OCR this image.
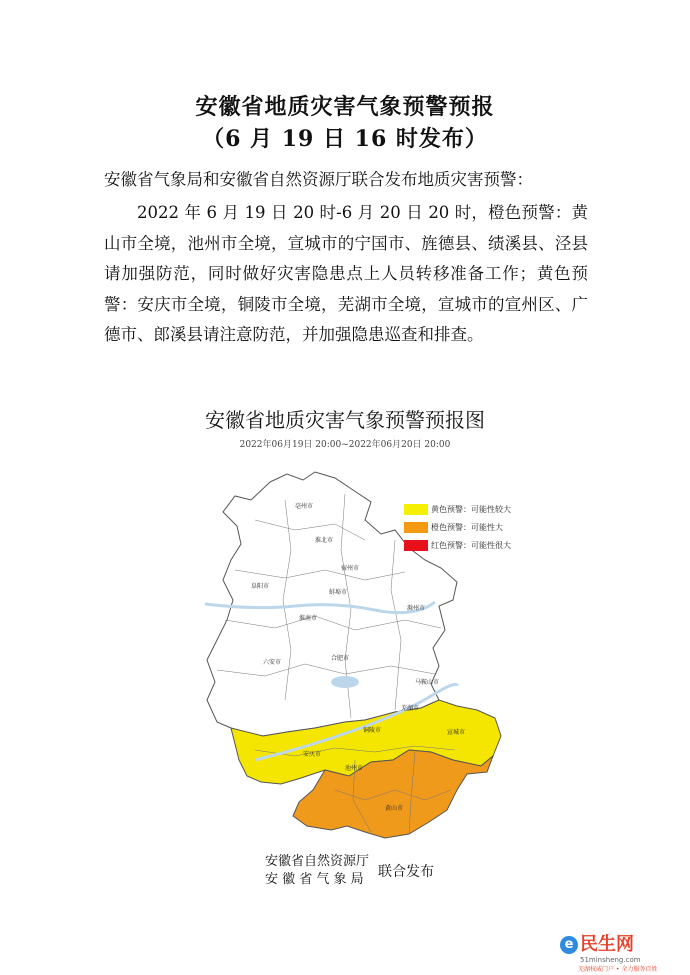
安徽省地质灾害气象预警预报
（6 月 19 日 16 时发布）
安徽省气象局和安徽省自然资源厅联合发布地质灾害预警：
2022 年 6 月 19 日 20 时-6 月 20 日 20 时，橙色预警：黄山市全境，池州市全境，宣城市的宁国市、旌德县、绩溪县、泾县请加强防范，同时做好灾害隐患点上人员转移准备工作；黄色预警：安庆市全境，铜陵市全境，芜湖市全境，宣城市的宣州区、广德市、郎溪县请注意防范，并加强隐患巡查和排查。
安徽省地质灾害气象预警预报图
2022年06月19日 20:00~2022年06月20日 20:00
亳州市
淮北市
宿州市
阜阳市
蚌埠市
淮南市
滁州市
六安市
合肥市
马鞍山市
芜湖市
宣城市
铜陵市
安庆市
池州市
黄山市
黄色预警：可能性较大
橙色预警：可能性大
红色预警：可能性很大
安徽省自然资源厅
安 徽 省 气 象 局	联合发布
e 民生网
51minsheng.com
芜湖权威门户 • 全力服务百姓
